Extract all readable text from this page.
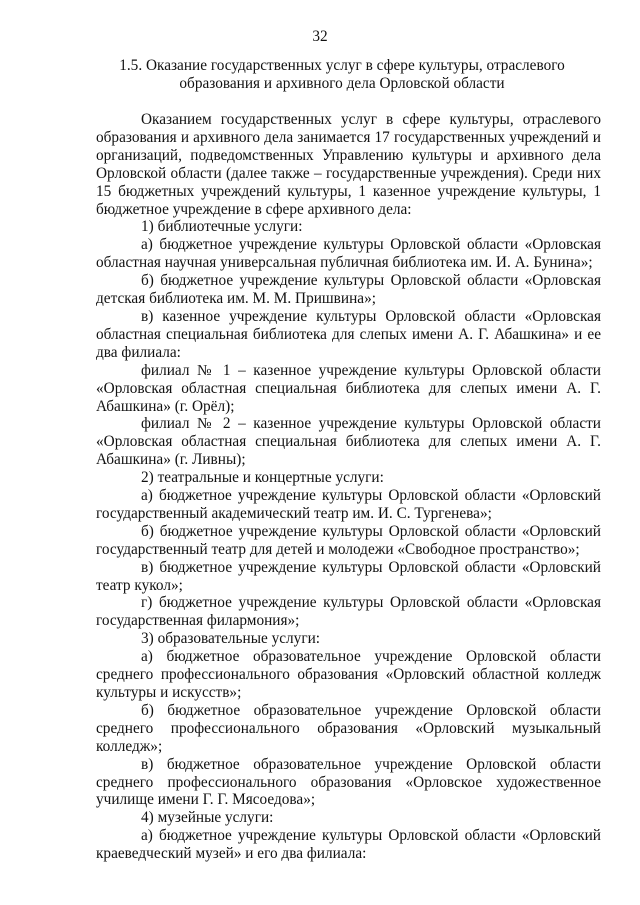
32
1.5. Оказание государственных услуг в сфере культуры, отраслевого образования и архивного дела Орловской области

Оказанием государственных услуг в сфере культуры, отраслевого образования и архивного дела занимается 17 государственных учреждений и организаций, подведомственных Управлению культуры и архивного дела Орловской области (далее также – государственные учреждения). Среди них 15 бюджетных учреждений культуры, 1 казенное учреждение культуры, 1 бюджетное учреждение в сфере архивного дела:

1) библиотечные услуги:

а) бюджетное учреждение культуры Орловской области «Орловская областная научная универсальная публичная библиотека им. И. А. Бунина»;

б) бюджетное учреждение культуры Орловской области «Орловская детская библиотека им. М. М. Пришвина»;

в) казенное учреждение культуры Орловской области «Орловская областная специальная библиотека для слепых имени А. Г. Абашкина» и ее два филиала:

филиал № 1 – казенное учреждение культуры Орловской области «Орловская областная специальная библиотека для слепых имени А. Г. Абашкина» (г. Орёл);

филиал № 2 – казенное учреждение культуры Орловской области «Орловская областная специальная библиотека для слепых имени А. Г. Абашкина» (г. Ливны);

2) театральные и концертные услуги:

а) бюджетное учреждение культуры Орловской области «Орловский государственный академический театр им. И. С. Тургенева»;

б) бюджетное учреждение культуры Орловской области «Орловский государственный театр для детей и молодежи «Свободное пространство»;

в) бюджетное учреждение культуры Орловской области «Орловский театр кукол»;

г) бюджетное учреждение культуры Орловской области «Орловская государственная филармония»;

3) образовательные услуги:

а) бюджетное образовательное учреждение Орловской области среднего профессионального образования «Орловский областной колледж культуры и искусств»;

б) бюджетное образовательное учреждение Орловской области среднего профессионального образования «Орловский музыкальный колледж»;

в) бюджетное образовательное учреждение Орловской области среднего профессионального образования «Орловское художественное училище имени Г. Г. Мясоедова»;

4) музейные услуги:

а) бюджетное учреждение культуры Орловской области «Орловский краеведческий музей» и его два филиала:
